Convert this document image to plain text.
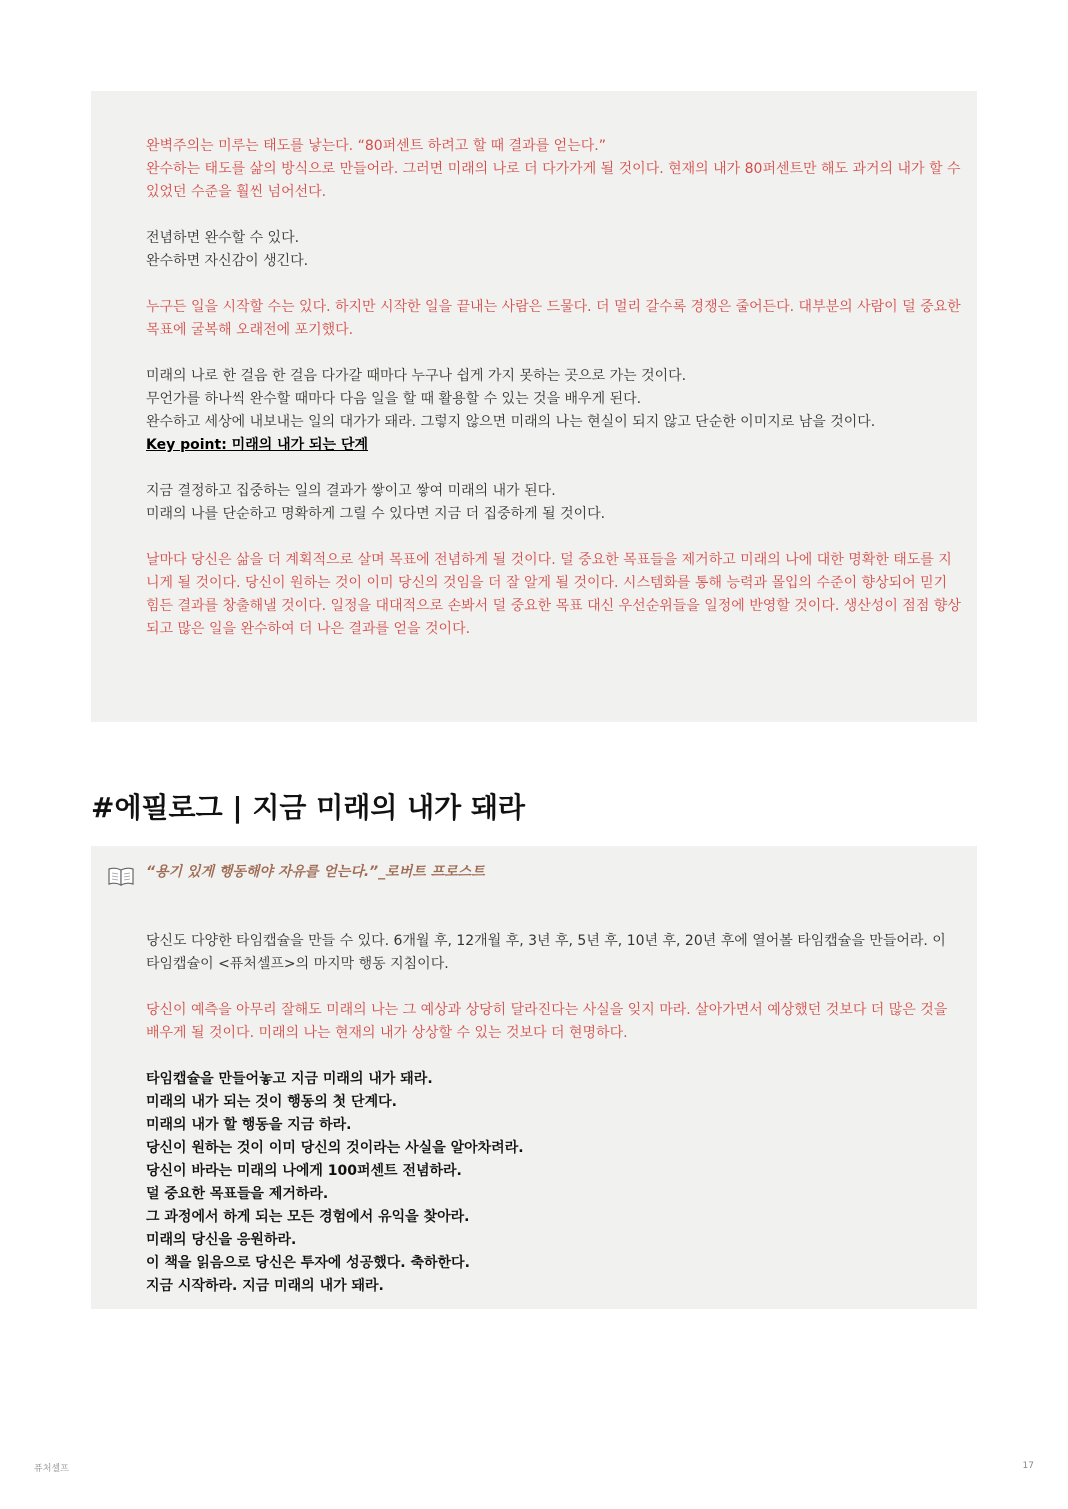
완벽주의는 미루는 태도를 낳는다. “80퍼센트 하려고 할 때 결과를 얻는다.”

완수하는 태도를 삶의 방식으로 만들어라. 그러면 미래의 나로 더 다가가게 될 것이다. 현재의 내가 80퍼센트만 해도 과거의 내가 할 수 있었던 수준을 훨씬 넘어선다.

전념하면 완수할 수 있다.

완수하면 자신감이 생긴다.

누구든 일을 시작할 수는 있다. 하지만 시작한 일을 끝내는 사람은 드물다. 더 멀리 갈수록 경쟁은 줄어든다. 대부분의 사람이 덜 중요한 목표에 굴복해 오래전에 포기했다.

미래의 나로 한 걸음 한 걸음 다가갈 때마다 누구나 쉽게 가지 못하는 곳으로 가는 것이다.

무언가를 하나씩 완수할 때마다 다음 일을 할 때 활용할 수 있는 것을 배우게 된다.

완수하고 세상에 내보내는 일의 대가가 돼라. 그렇지 않으면 미래의 나는 현실이 되지 않고 단순한 이미지로 남을 것이다.

Key point: 미래의 내가 되는 단계

지금 결정하고 집중하는 일의 결과가 쌓이고 쌓여 미래의 내가 된다.

미래의 나를 단순하고 명확하게 그릴 수 있다면 지금 더 집중하게 될 것이다.

날마다 당신은 삶을 더 계획적으로 살며 목표에 전념하게 될 것이다. 덜 중요한 목표들을 제거하고 미래의 나에 대한 명확한 태도를 지니게 될 것이다. 당신이 원하는 것이 이미 당신의 것임을 더 잘 알게 될 것이다. 시스템화를 통해 능력과 몰입의 수준이 향상되어 믿기 힘든 결과를 창출해낼 것이다. 일정을 대대적으로 손봐서 덜 중요한 목표 대신 우선순위들을 일정에 반영할 것이다. 생산성이 점점 향상되고 많은 일을 완수하여 더 나은 결과를 얻을 것이다.

#에필로그 | 지금 미래의 내가 돼라

“용기 있게 행동해야 자유를 얻는다.”_로버트 프로스트

당신도 다양한 타임캡슐을 만들 수 있다. 6개월 후, 12개월 후, 3년 후, 5년 후, 10년 후, 20년 후에 열어볼 타임캡슐을 만들어라. 이 타임캡슐이 <퓨처셀프>의 마지막 행동 지침이다.

당신이 예측을 아무리 잘해도 미래의 나는 그 예상과 상당히 달라진다는 사실을 잊지 마라. 살아가면서 예상했던 것보다 더 많은 것을 배우게 될 것이다. 미래의 나는 현재의 내가 상상할 수 있는 것보다 더 현명하다.

타임캡슐을 만들어놓고 지금 미래의 내가 돼라.

미래의 내가 되는 것이 행동의 첫 단계다.

미래의 내가 할 행동을 지금 하라.

당신이 원하는 것이 이미 당신의 것이라는 사실을 알아차려라.

당신이 바라는 미래의 나에게 100퍼센트 전념하라.

덜 중요한 목표들을 제거하라.

그 과정에서 하게 되는 모든 경험에서 유익을 찾아라.

미래의 당신을 응원하라.

이 책을 읽음으로 당신은 투자에 성공했다. 축하한다.

지금 시작하라. 지금 미래의 내가 돼라.

퓨처셀프	17
